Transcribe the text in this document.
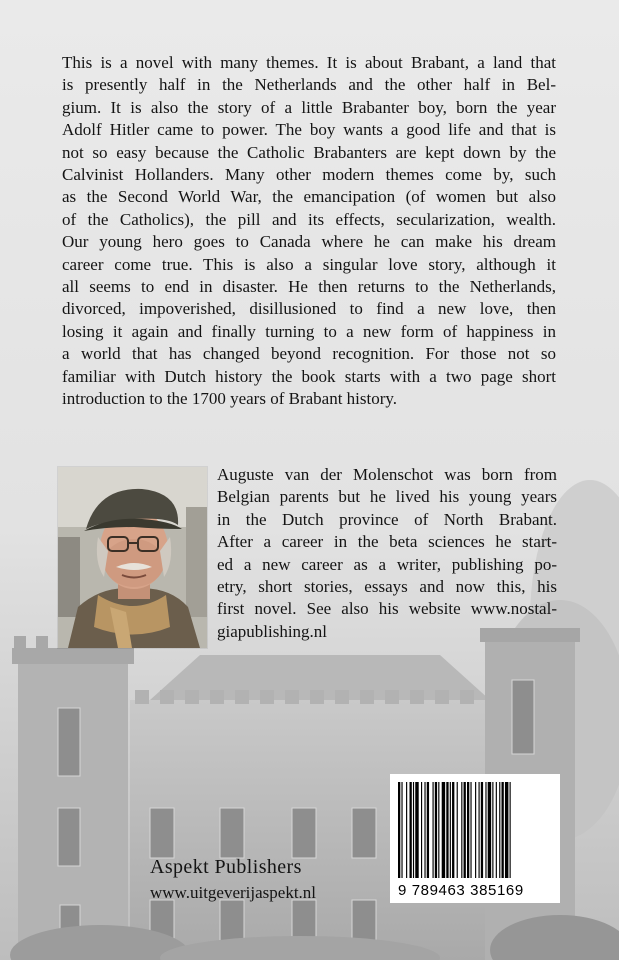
This is a novel with many themes. It is about Brabant, a land that
is presently half in the Netherlands and the other half in Bel-
gium. It is also the story of a little Brabanter boy, born the year
Adolf Hitler came to power. The boy wants a good life and that is
not so easy because the Catholic Brabanters are kept down by the
Calvinist Hollanders. Many other modern themes come by, such
as the Second World War, the emancipation (of women but also
of the Catholics), the pill and its effects, secularization, wealth.
Our young hero goes to Canada where he can make his dream
career come true. This is also a singular love story, although it
all seems to end in disaster. He then returns to the Netherlands,
divorced, impoverished, disillusioned to find a new love, then
losing it again and finally turning to a new form of happiness in
a world that has changed beyond recognition. For those not so
familiar with Dutch history the book starts with a two page short
introduction to the 1700 years of Brabant history.

Auguste van der Molenschot was born from
Belgian parents but he lived his young years
in the Dutch province of North Brabant.
After a career in the beta sciences he start-
ed a new career as a writer, publishing po-
etry, short stories, essays and now this, his
first novel. See also his website www.nostal-
giapublishing.nl

Aspekt Publishers
www.uitgeverijaspekt.nl	9 789463 385169
